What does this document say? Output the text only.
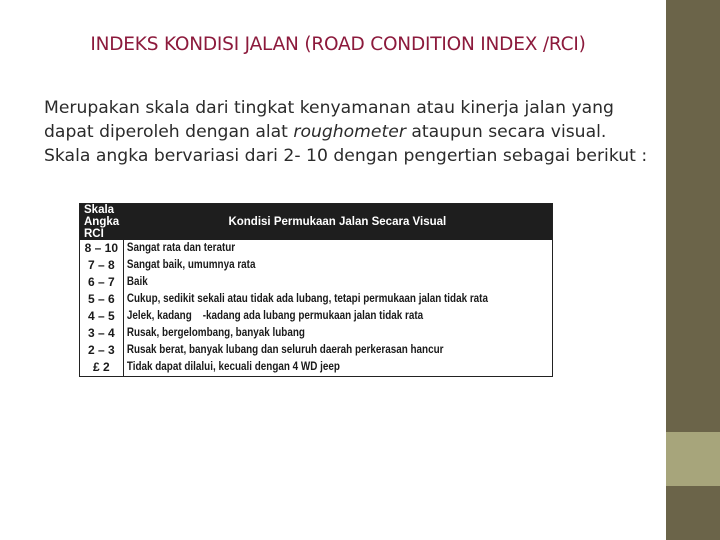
INDEKS KONDISI JALAN (ROAD CONDITION INDEX /RCI)
Merupakan skala dari tingkat kenyamanan atau kinerja jalan yang
dapat diperoleh dengan alat roughometer ataupun secara visual.
Skala angka bervariasi dari 2- 10 dengan pengertian sebagai berikut :
Skala Angka RCI	Kondisi Permukaan Jalan Secara Visual
8 – 10	Sangat rata dan teratur
7 – 8	Sangat baik, umumnya rata
6 – 7	Baik
5 – 6	Cukup, sedikit sekali atau tidak ada lubang, tetapi permukaan jalan tidak rata
4 – 5	Jelek, kadang    -kadang ada lubang permukaan jalan tidak rata
3 – 4	Rusak, bergelombang, banyak lubang
2 – 3	Rusak berat, banyak lubang dan seluruh daerah perkerasan hancur
£ 2	Tidak dapat dilalui, kecuali dengan 4 WD jeep
